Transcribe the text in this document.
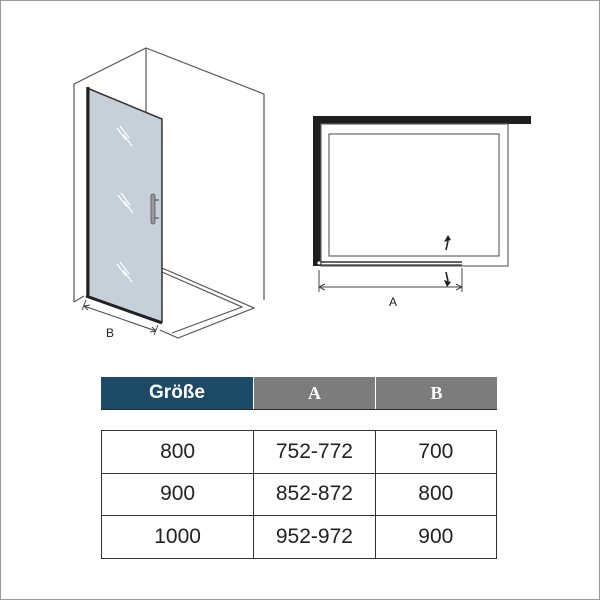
B
A
Größe	A	B
800	752-772	700
900	852-872	800
1000	952-972	900
